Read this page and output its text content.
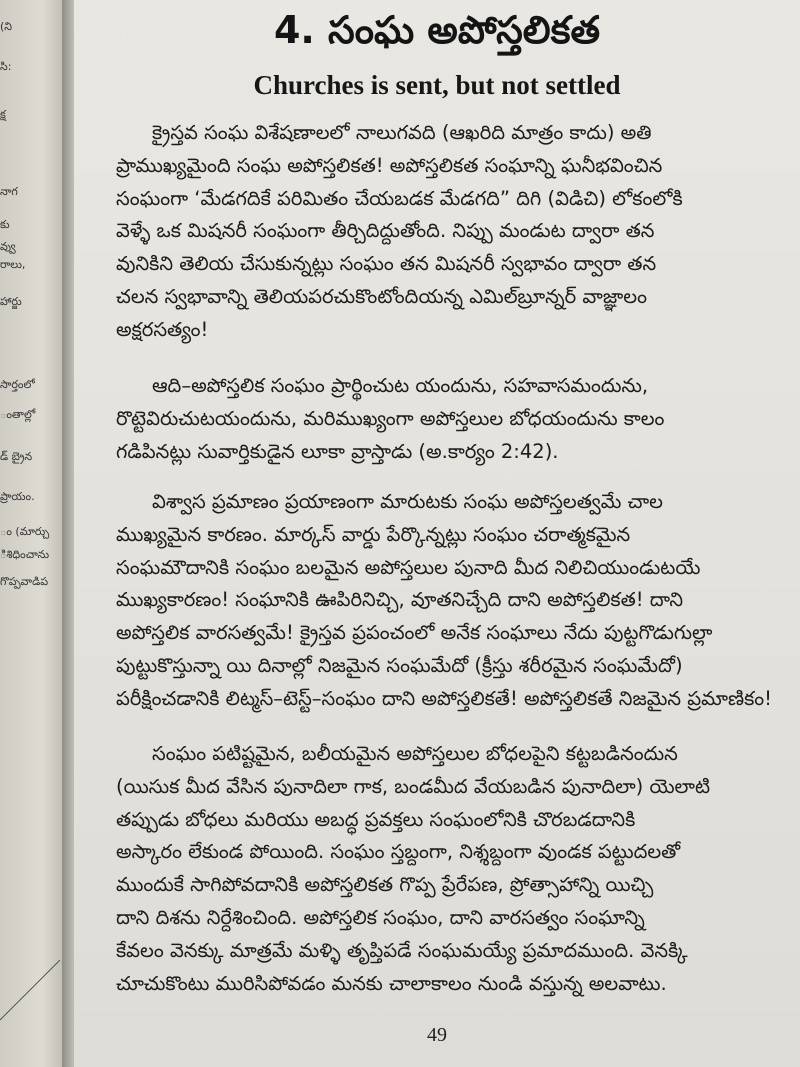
(ని
సి:
క్ష
నాగ
కు
వ్వు
రాలు,
హార్జు
సార్తంలో
ంతాల్లో
డ్ బ్రైన
ప్రాయం.
ం (మార్చు
ిశిధించాను
గొప్పవాడిప
4. సంఘ అపోస్తలికత
Churches is sent, but not settled
క్రైస్తవ సంఘ విశేషణాలలో నాలుగవది (ఆఖరిది మాత్రం కాదు) అతి
ప్రాముఖ్యమైంది సంఘ అపోస్తలికత! అపోస్తలికత సంఘాన్ని ఘనీభవించిన
సంఘంగా ‘మేడగదికే పరిమితం చేయబడక మేడగది” దిగి (విడిచి) లోకంలోకి
వెళ్ళే ఒక మిషనరీ సంఘంగా తీర్చిదిద్దుతోంది. నిప్పు మండుట ద్వారా తన
వునికిని తెలియ చేసుకున్నట్లు సంఘం తన మిషనరీ స్వభావం ద్వారా తన
చలన స్వభావాన్ని తెలియపరచుకొంటోందియన్న ఎమిల్‌బ్రూన్నర్ వాజ్ఞాలం
అక్షరసత్యం!
ఆది–అపోస్తలిక సంఘం ప్రార్థించుట యందును, సహవాసమందును,
రొట్టెవిరుచుటయందును, మరిముఖ్యంగా అపోస్తలుల బోధయందును కాలం
గడిపినట్లు సువార్తికుడైన లూకా వ్రాస్తాడు (అ.కార్యం 2:42).
విశ్వాస ప్రమాణం ప్రయాణంగా మారుటకు సంఘ అపోస్తలత్వమే చాల
ముఖ్యమైన కారణం. మార్కస్ వార్డు పేర్కొన్నట్లు సంఘం చరాత్మకమైన
సంఘమౌదానికి సంఘం బలమైన అపోస్తలుల పునాది మీద నిలిచియుండుటయే
ముఖ్యకారణం! సంఘానికి ఊపిరినిచ్చి, వూతనిచ్చేది దాని అపోస్తలికత! దాని
అపోస్తలిక వారసత్వమే! క్రైస్తవ ప్రపంచంలో అనేక సంఘాలు నేదు పుట్టగొడుగుల్లా
పుట్టుకొస్తున్నా యి దినాల్లో నిజమైన సంఘమేదో (క్రీస్తు శరీరమైన సంఘమేదో)
పరీక్షించడానికి లిట్మస్–టెస్ట్–సంఘం దాని అపోస్తలికతే! అపోస్తలికతే నిజమైన ప్రమాణికం!
సంఘం పటిష్టమైన, బలీయమైన అపోస్తలుల బోధలపైని కట్టబడినందున
(యిసుక మీద వేసిన పునాదిలా గాక, బండమీద వేయబడిన పునాదిలా) యెలాటి
తప్పుడు బోధలు మరియు అబద్ధ ప్రవక్తలు సంఘంలోనికి చొరబడదానికి
అస్కారం లేకుండ పోయింది. సంఘం స్తబ్దంగా, నిశ్శబ్దంగా వుండక పట్టుదలతో
ముందుకే సాగిపోవదానికి అపోస్తలికత గొప్ప ప్రేరేపణ, ప్రోత్సాహాన్ని యిచ్చి
దాని దిశను నిర్దేశించింది. అపోస్తలిక సంఘం, దాని వారసత్వం సంఘాన్ని
కేవలం వెనక్కు మాత్రమే మళ్ళి తృప్తిపడే సంఘమయ్యే ప్రమాదముంది. వెనక్కి
చూచుకొంటు మురిసిపోవడం మనకు చాలాకాలం నుండి వస్తున్న అలవాటు.
49
